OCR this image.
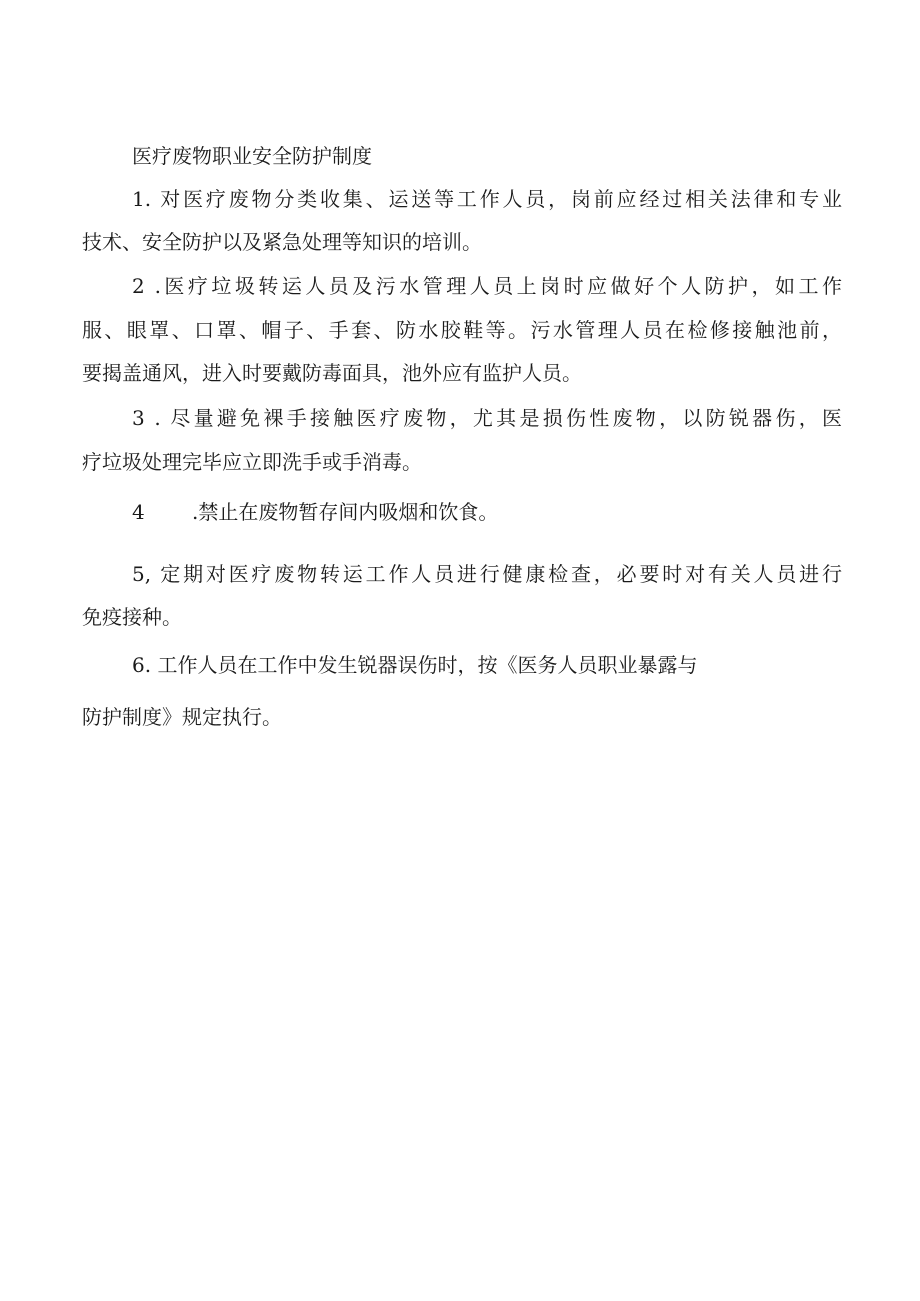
医疗废物职业安全防护制度
1. 对医疗废物分类收集、运送等工作人员，岗前应经过相关法律和专业
技术、安全防护以及紧急处理等知识的培训。
2 .医疗垃圾转运人员及污水管理人员上岗时应做好个人防护，如工作
服、眼罩、口罩、帽子、手套、防水胶鞋等。污水管理人员在检修接触池前，
要揭盖通风，进入时要戴防毒面具，池外应有监护人员。
3 . 尽量避免裸手接触医疗废物，尤其是损伤性废物，以防锐器伤，医
疗垃圾处理完毕应立即洗手或手消毒。
4 .禁止在废物暂存间内吸烟和饮食。
5, 定期对医疗废物转运工作人员进行健康检查，必要时对有关人员进行
免疫接种。
6. 工作人员在工作中发生锐器误伤时，按《医务人员职业暴露与
防护制度》规定执行。
